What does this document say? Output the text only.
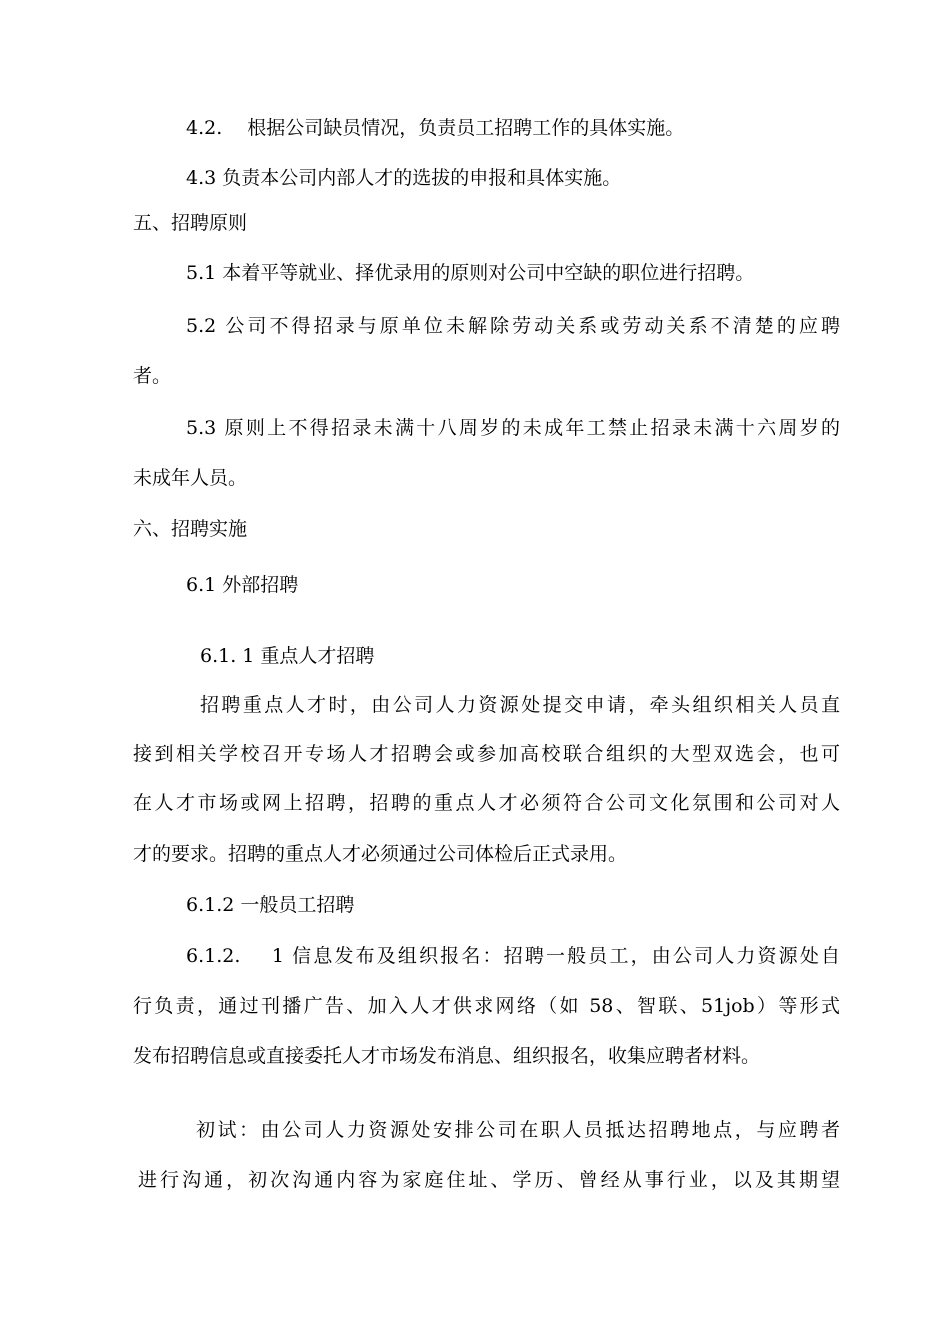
4.2.　 根据公司缺员情况，负责员工招聘工作的具体实施。
4.3 负责本公司内部人才的选拔的申报和具体实施。
五、招聘原则
5.1 本着平等就业、择优录用的原则对公司中空缺的职位进行招聘。
5.2 公司不得招录与原单位未解除劳动关系或劳动关系不清楚的应聘
者。
5.3 原则上不得招录未满十八周岁的未成年工禁止招录未满十六周岁的
未成年人员。
六、招聘实施
6.1 外部招聘
6.1. 1 重点人才招聘
招聘重点人才时，由公司人力资源处提交申请，牵头组织相关人员直
接到相关学校召开专场人才招聘会或参加高校联合组织的大型双选会，也可
在人才市场或网上招聘，招聘的重点人才必须符合公司文化氛围和公司对人
才的要求。招聘的重点人才必须通过公司体检后正式录用。
6.1.2 一般员工招聘
6.1.2.　 1 信息发布及组织报名：招聘一般员工，由公司人力资源处自
行负责，通过刊播广告、加入人才供求网络（如 58、智联、51job）等形式
发布招聘信息或直接委托人才市场发布消息、组织报名，收集应聘者材料。
初试：由公司人力资源处安排公司在职人员抵达招聘地点，与应聘者
进行沟通，初次沟通内容为家庭住址、学历、曾经从事行业，以及其期望
